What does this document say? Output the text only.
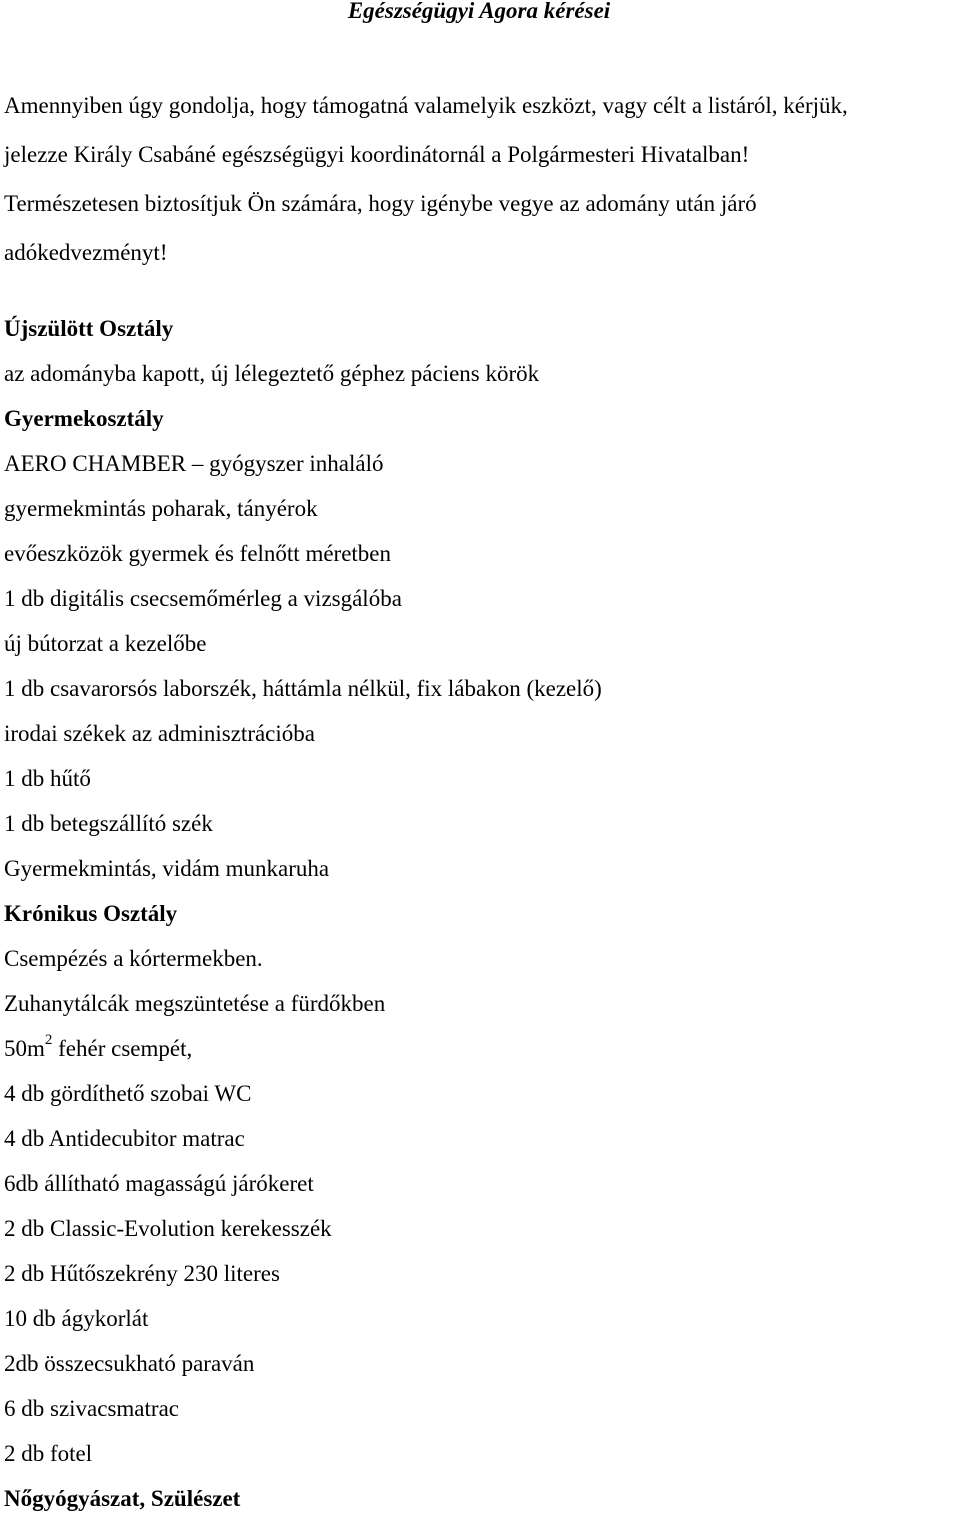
Egészségügyi Agora kérései

Amennyiben úgy gondolja, hogy támogatná valamelyik eszközt, vagy célt a listáról, kérjük,

jelezze Király Csabáné egészségügyi koordinátornál a Polgármesteri Hivatalban!

Természetesen biztosítjuk Ön számára, hogy igénybe vegye az adomány után járó

adókedvezményt!

Újszülött Osztály
az adományba kapott, új lélegeztető géphez páciens körök
Gyermekosztály
AERO CHAMBER – gyógyszer inhaláló
gyermekmintás poharak, tányérok
evőeszközök gyermek és felnőtt méretben
1 db digitális csecsemőmérleg a vizsgálóba
új bútorzat a kezelőbe
1 db csavarorsós laborszék, háttámla nélkül, fix lábakon (kezelő)
irodai székek az adminisztrációba
1 db hűtő
1 db betegszállító szék
Gyermekmintás, vidám munkaruha
Krónikus Osztály
Csempézés a kórtermekben.
Zuhanytálcák megszüntetése a fürdőkben
$50m^2$ fehér csempét,
4 db gördíthető szobai WC
4 db Antidecubitor matrac
6db állítható magasságú járókeret
2 db Classic-Evolution kerekesszék
2 db Hűtőszekrény 230 literes
10 db ágykorlát
2db összecsukható paraván
6 db szivacsmatrac
2 db fotel
Nőgyógyászat, Szülészet
